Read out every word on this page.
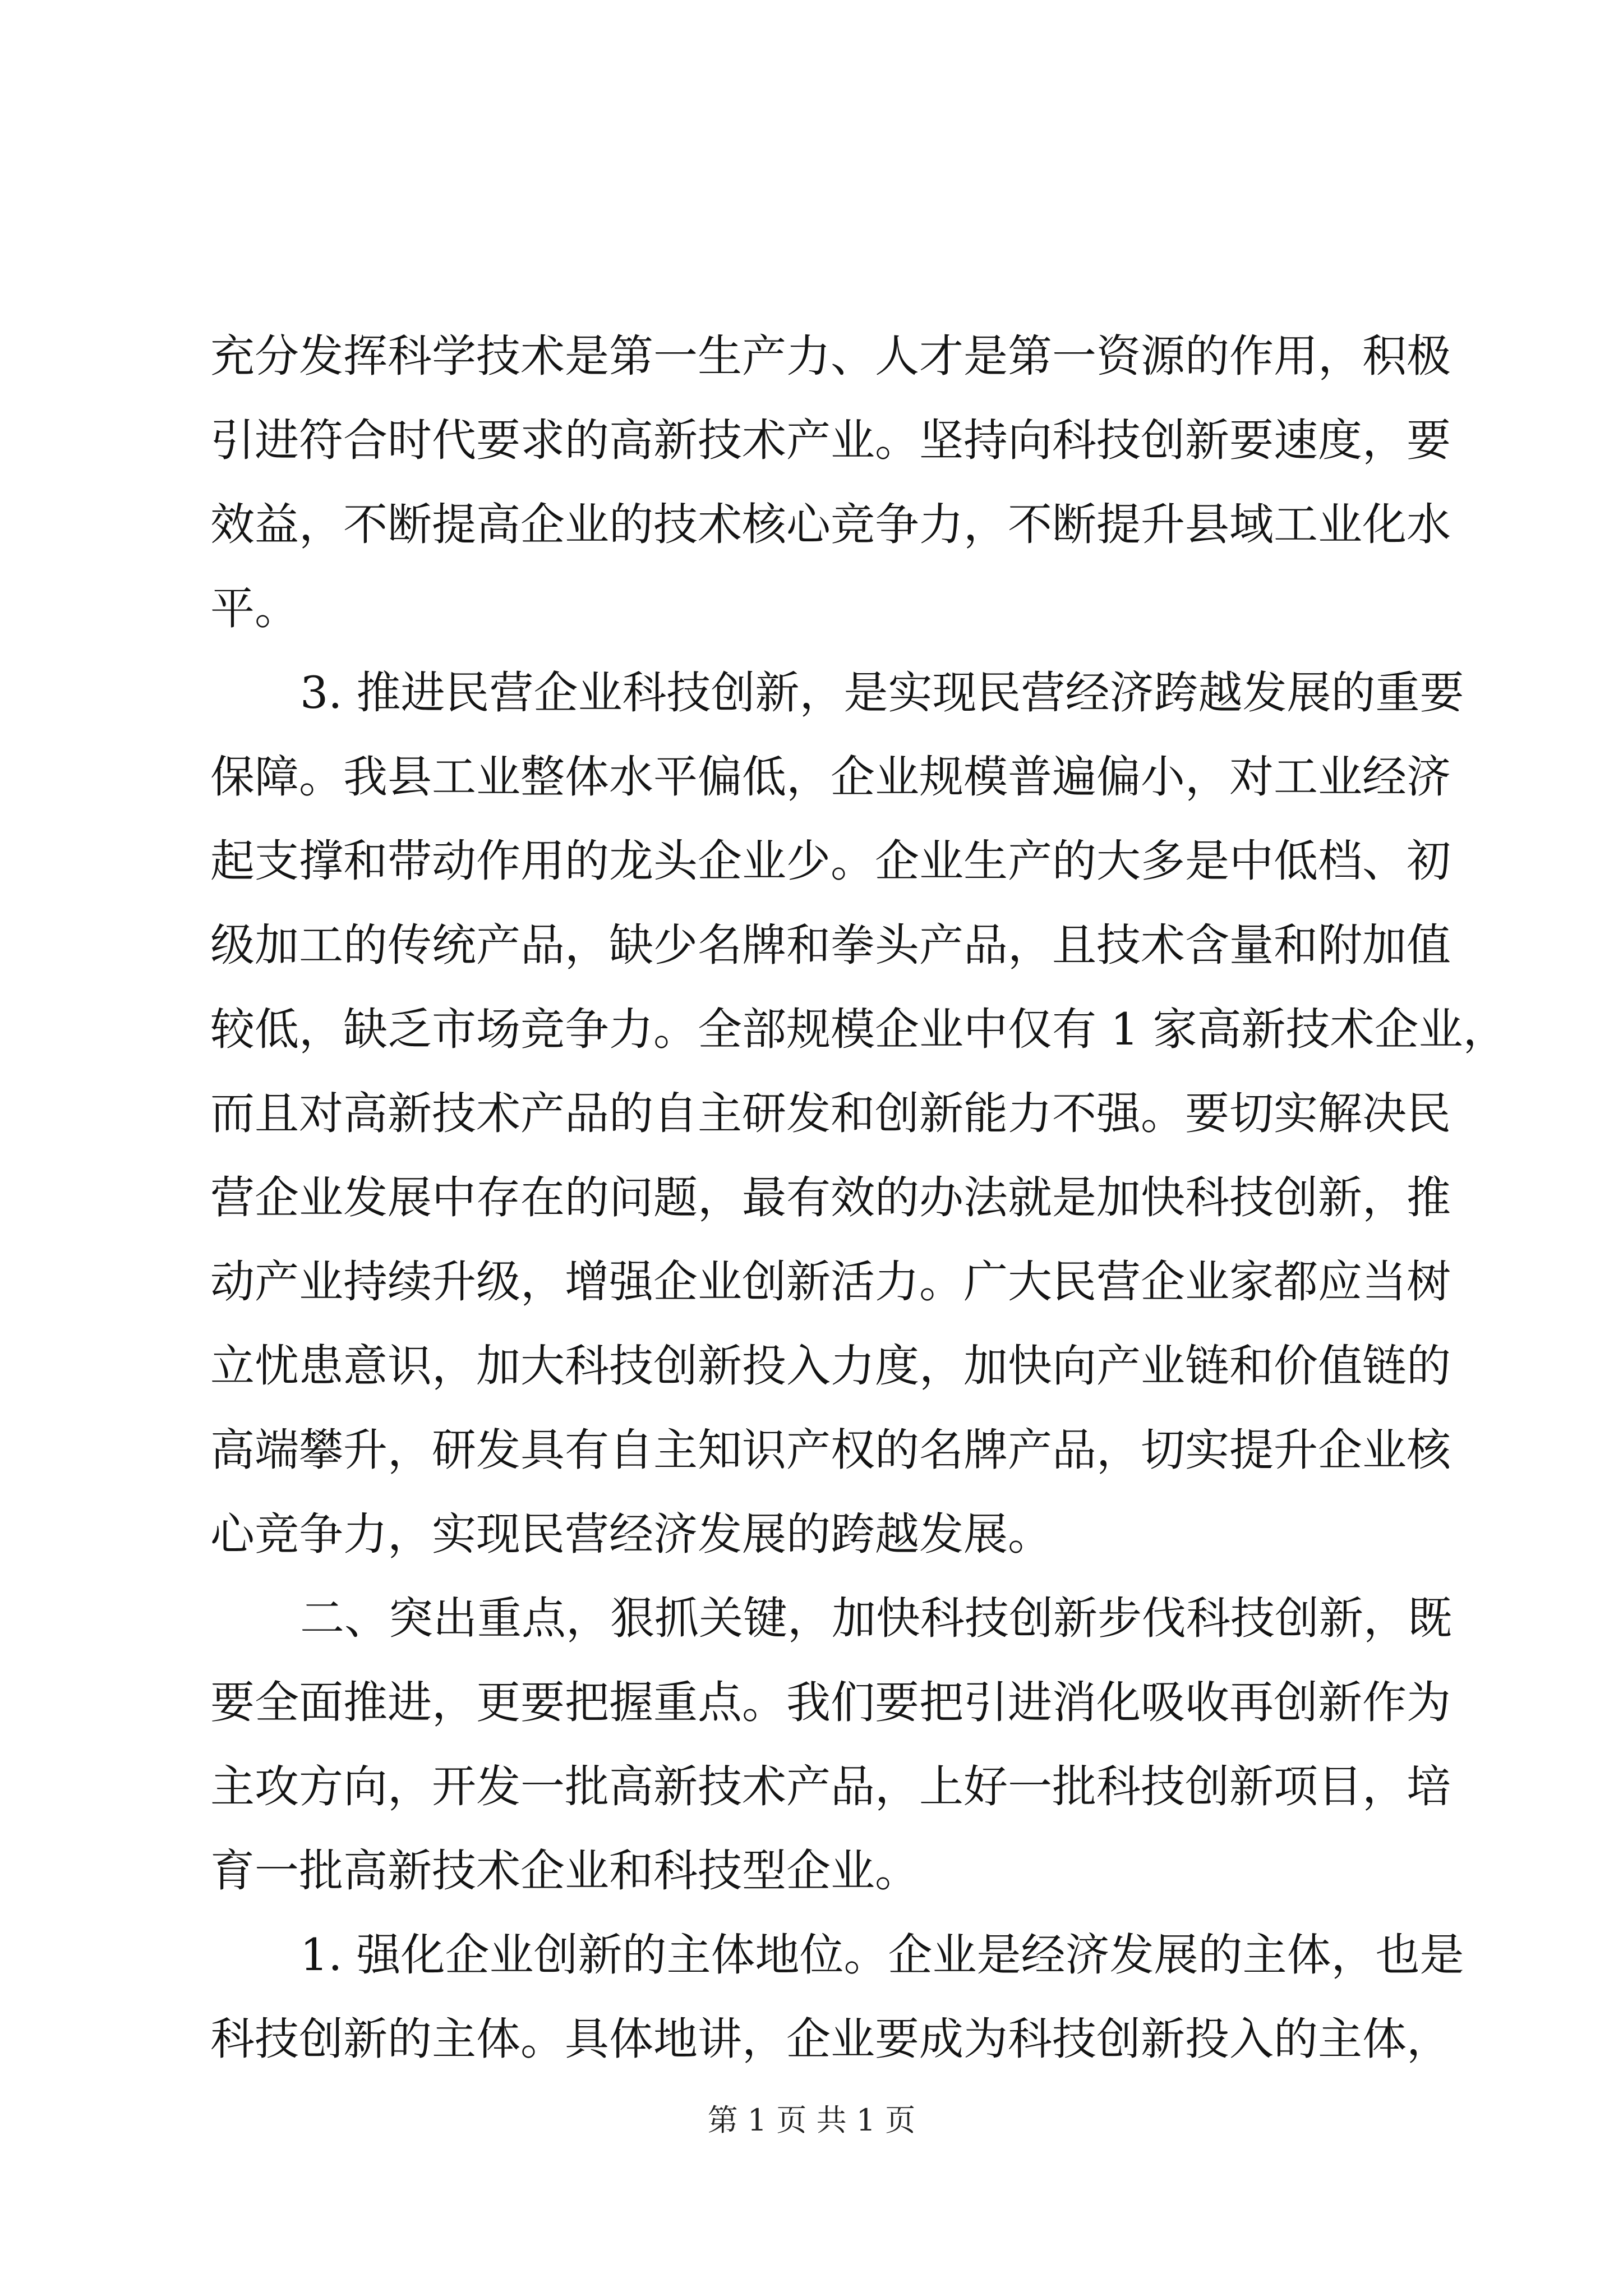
充分发挥科学技术是第一生产力、人才是第一资源的作用，积极
引进符合时代要求的高新技术产业。坚持向科技创新要速度，要
效益，不断提高企业的技术核心竞争力，不断提升县域工业化水
平。
3. 推进民营企业科技创新，是实现民营经济跨越发展的重要
保障。我县工业整体水平偏低，企业规模普遍偏小，对工业经济
起支撑和带动作用的龙头企业少。企业生产的大多是中低档、初
级加工的传统产品，缺少名牌和拳头产品，且技术含量和附加值
较低，缺乏市场竞争力。全部规模企业中仅有 1 家高新技术企业，
而且对高新技术产品的自主研发和创新能力不强。要切实解决民
营企业发展中存在的问题，最有效的办法就是加快科技创新，推
动产业持续升级，增强企业创新活力。广大民营企业家都应当树
立忧患意识，加大科技创新投入力度，加快向产业链和价值链的
高端攀升，研发具有自主知识产权的名牌产品，切实提升企业核
心竞争力，实现民营经济发展的跨越发展。
二、突出重点，狠抓关键，加快科技创新步伐科技创新，既
要全面推进，更要把握重点。我们要把引进消化吸收再创新作为
主攻方向，开发一批高新技术产品，上好一批科技创新项目，培
育一批高新技术企业和科技型企业。
1. 强化企业创新的主体地位。企业是经济发展的主体，也是
科技创新的主体。具体地讲，企业要成为科技创新投入的主体，
第 1 页 共 1 页
